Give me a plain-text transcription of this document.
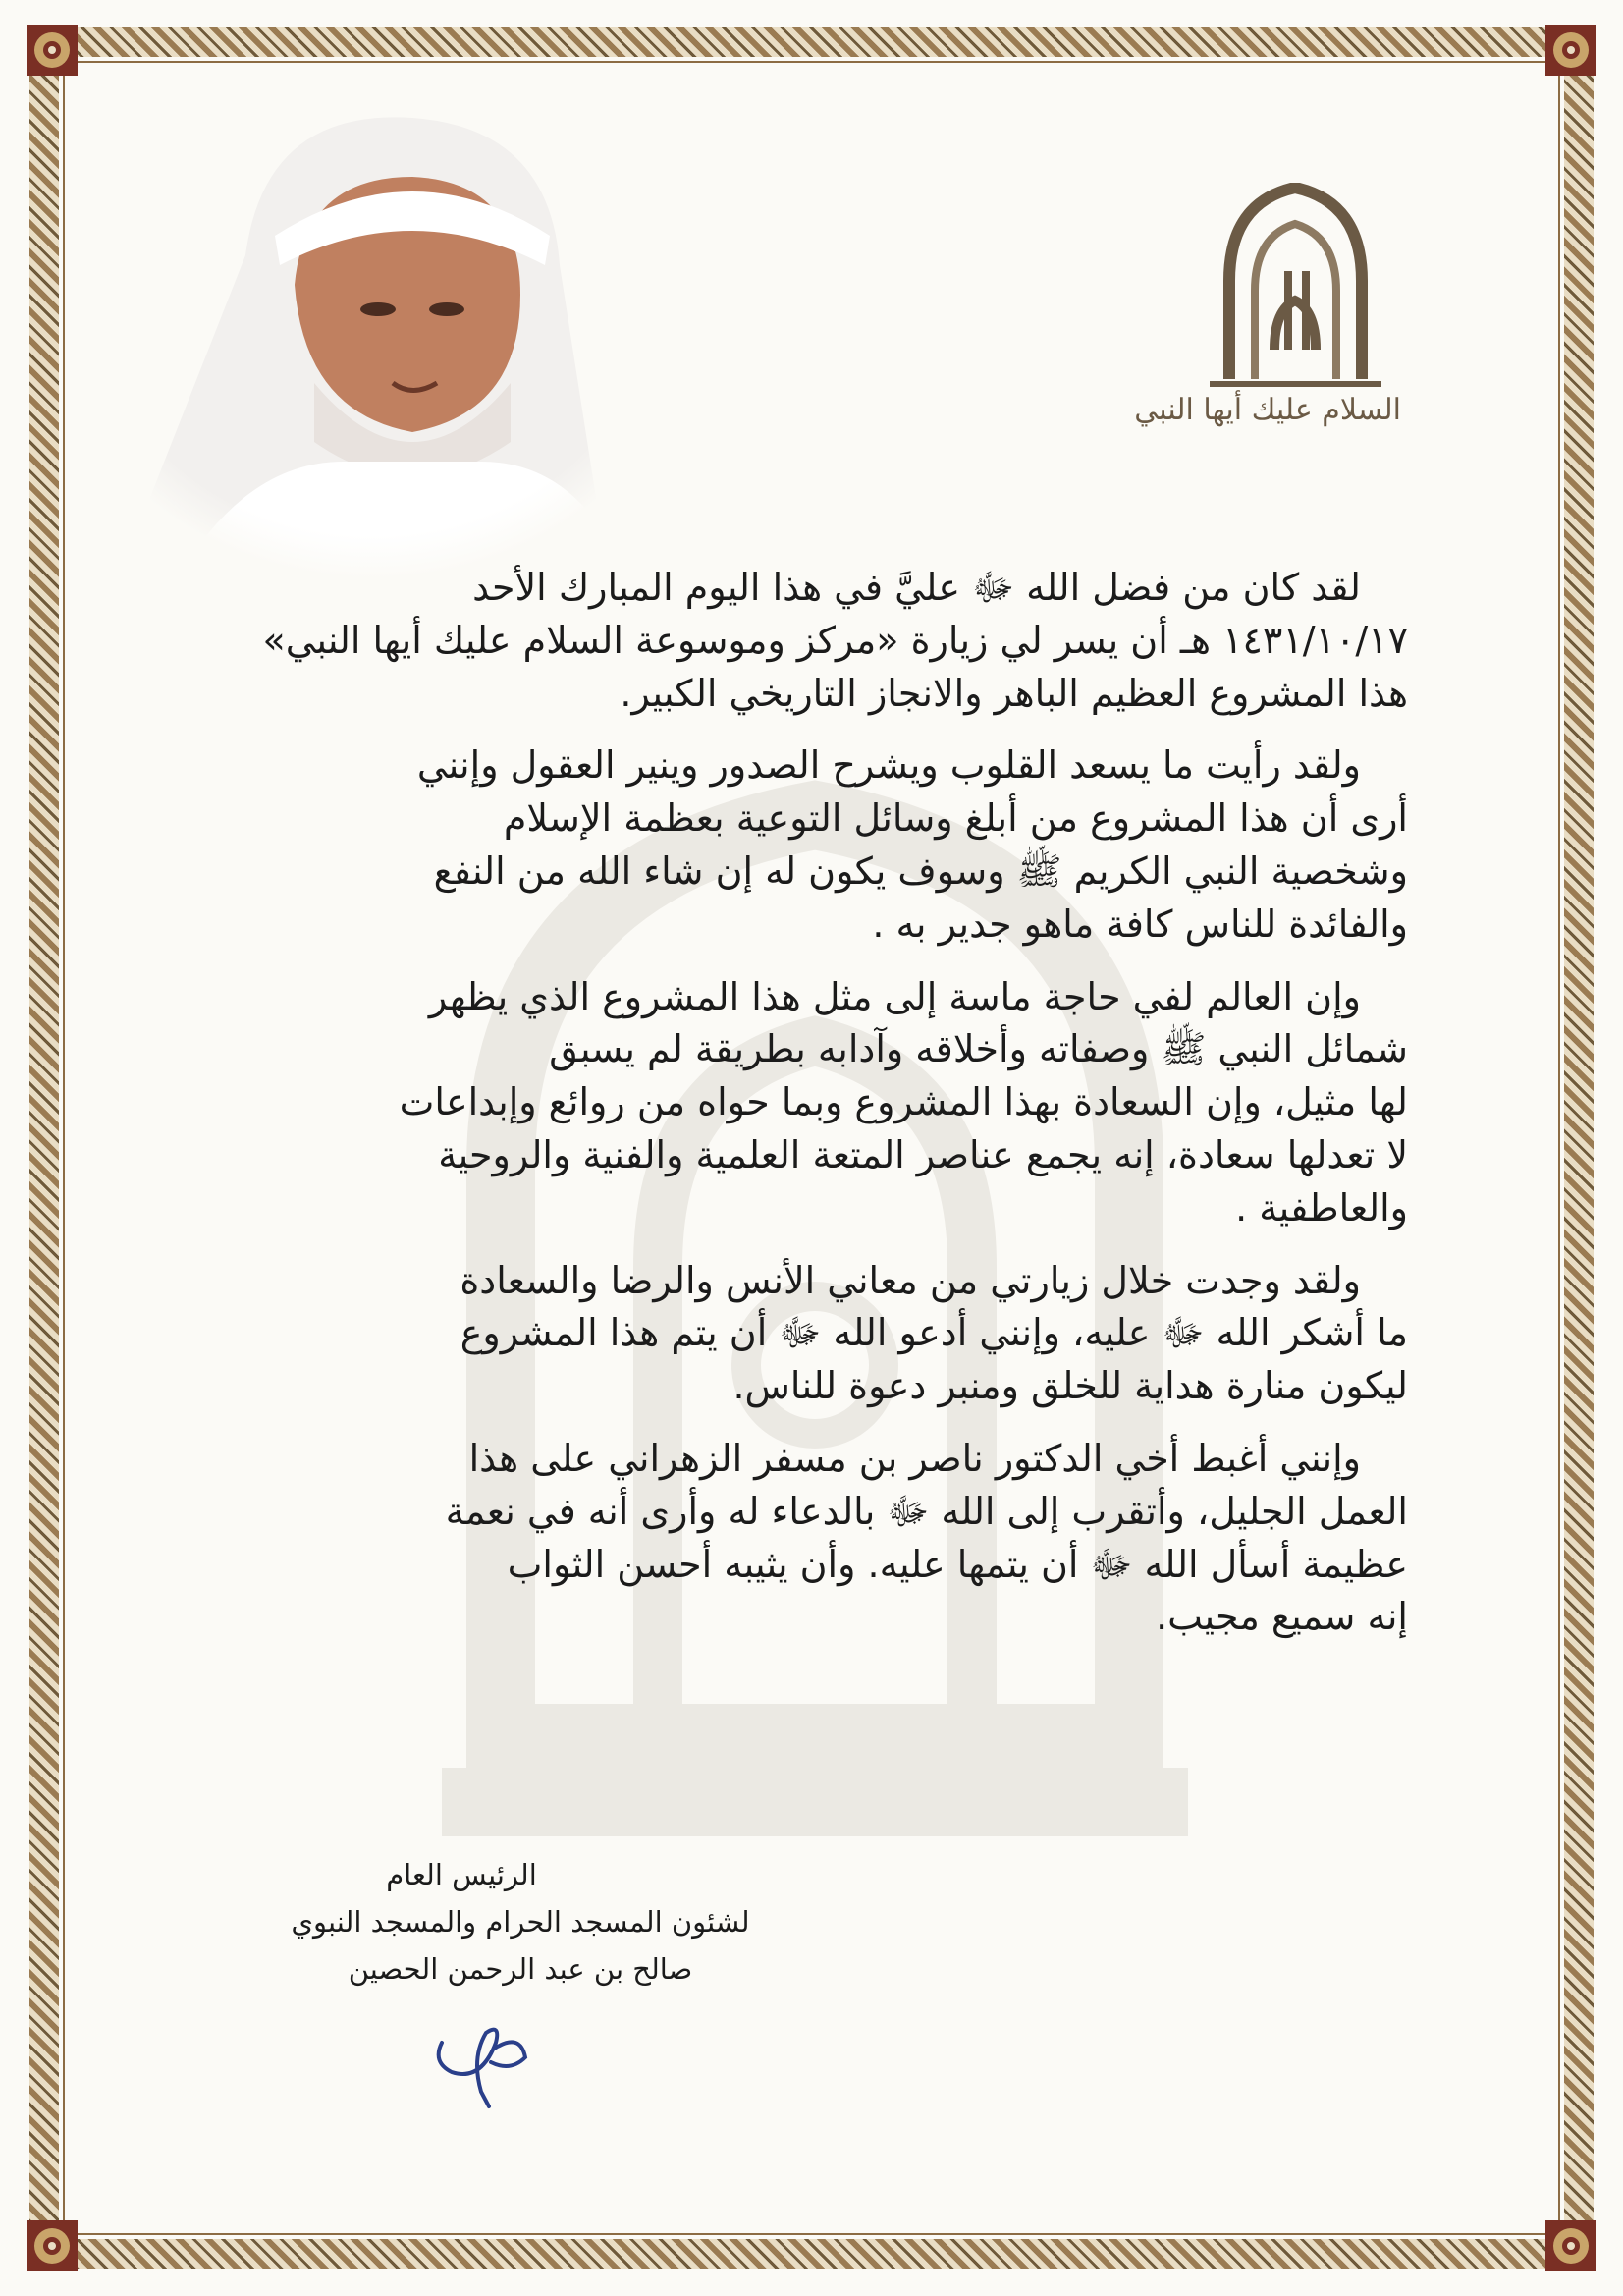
السلام عليك أيها النبي
لقد كان من فضل الله ﷻ عليَّ في هذا اليوم المبارك الأحد
١٤٣١/١٠/١٧ هـ أن يسر لي زيارة «مركز وموسوعة السلام عليك أيها النبي»
هذا المشروع العظيم الباهر والانجاز التاريخي الكبير.
ولقد رأيت ما يسعد القلوب ويشرح الصدور وينير العقول وإنني
أرى أن هذا المشروع من أبلغ وسائل التوعية بعظمة الإسلام
وشخصية النبي الكريم ﷺ وسوف يكون له إن شاء الله من النفع
والفائدة للناس كافة ماهو جدير به .
وإن العالم لفي حاجة ماسة إلى مثل هذا المشروع الذي يظهر
شمائل النبي ﷺ وصفاته وأخلاقه وآدابه بطريقة لم يسبق
لها مثيل، وإن السعادة بهذا المشروع وبما حواه من روائع وإبداعات
لا تعدلها سعادة، إنه يجمع عناصر المتعة العلمية والفنية والروحية
والعاطفية .
ولقد وجدت خلال زيارتي من معاني الأنس والرضا والسعادة
ما أشكر الله ﷻ عليه، وإنني أدعو الله ﷻ أن يتم هذا المشروع
ليكون منارة هداية للخلق ومنبر دعوة للناس.
وإنني أغبط أخي الدكتور ناصر بن مسفر الزهراني على هذا
العمل الجليل، وأتقرب إلى الله ﷻ بالدعاء له وأرى أنه في نعمة
عظيمة أسأل الله ﷻ أن يتمها عليه. وأن يثيبه أحسن الثواب
إنه سميع مجيب.
الرئيس العام
لشئون المسجد الحرام والمسجد النبوي
صالح بن عبد الرحمن الحصين
